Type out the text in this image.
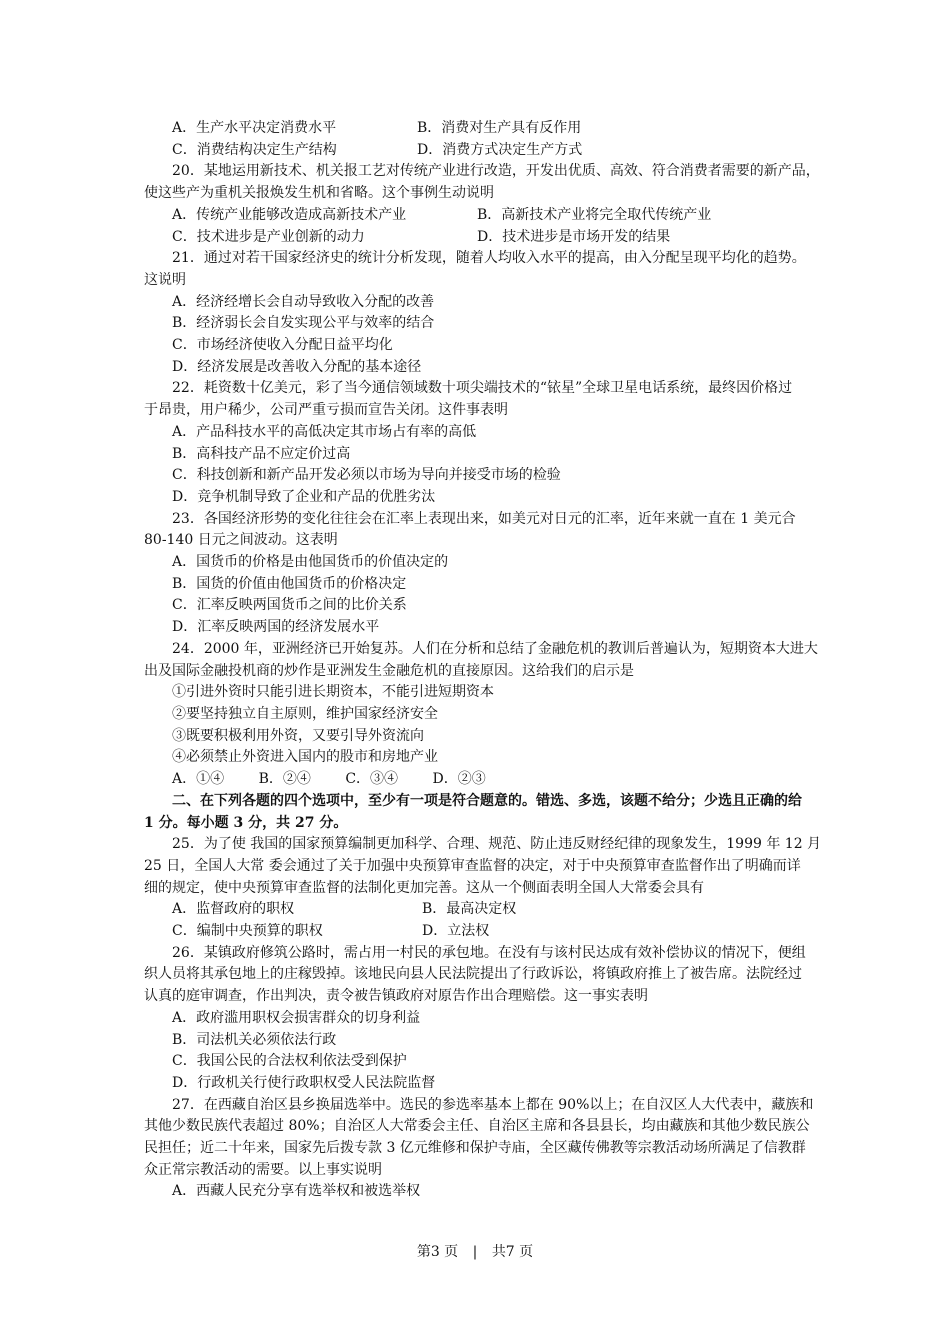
A．生产水平决定消费水平	B．消费对生产具有反作用
C．消费结构决定生产结构	D．消费方式决定生产方式
20．某地运用新技术、机关报工艺对传统产业进行改造，开发出优质、高效、符合消费者需要的新产品，
使这些产为重机关报焕发生机和省略。这个事例生动说明
A．传统产业能够改造成高新技术产业	B．高新技术产业将完全取代传统产业
C．技术进步是产业创新的动力	D．技术进步是市场开发的结果
21．通过对若干国家经济史的统计分析发现，随着人均收入水平的提高，由入分配呈现平均化的趋势。
这说明
A．经济经增长会自动导致收入分配的改善
B．经济弱长会自发实现公平与效率的结合
C．市场经济使收入分配日益平均化
D．经济发展是改善收入分配的基本途径
22．耗资数十亿美元，彩了当今通信领域数十项尖端技术的“铱星”全球卫星电话系统，最终因价格过
于昂贵，用户稀少，公司严重亏损而宣告关闭。这件事表明
A．产品科技水平的高低决定其市场占有率的高低
B．高科技产品不应定价过高
C．科技创新和新产品开发必须以市场为导向并接受市场的检验
D．竞争机制导致了企业和产品的优胜劣汰
23．各国经济形势的变化往往会在汇率上表现出来，如美元对日元的汇率，近年来就一直在 1 美元合
80-140 日元之间波动。这表明
A．国货币的价格是由他国货币的价值决定的
B．国货的价值由他国货币的价格决定
C．汇率反映两国货币之间的比价关系
D．汇率反映两国的经济发展水平
24．2000 年，亚洲经济已开始复苏。人们在分析和总结了金融危机的教训后普遍认为，短期资本大进大
出及国际金融投机商的炒作是亚洲发生金融危机的直接原因。这给我们的启示是
①引进外资时只能引进长期资本，不能引进短期资本
②要坚持独立自主原则，维护国家经济安全
③既要积极利用外资，又要引导外资流向
④必须禁止外资进入国内的股市和房地产业
A．①④ B．②④ C．③④ D．②③
二、在下列各题的四个选项中，至少有一项是符合题意的。错选、多选，该题不给分；少选且正确的给
1 分。每小题 3 分，共 27 分。
25．为了使 我国的国家预算编制更加科学、合理、规范、防止违反财经纪律的现象发生，1999 年 12 月
25 日，全国人大常 委会通过了关于加强中央预算审查监督的决定，对于中央预算审查监督作出了明确而详
细的规定，使中央预算审查监督的法制化更加完善。这从一个侧面表明全国人大常委会具有
A．监督政府的职权	B．最高决定权
C．编制中央预算的职权	D．立法权
26．某镇政府修筑公路时，需占用一村民的承包地。在没有与该村民达成有效补偿协议的情况下，便组
织人员将其承包地上的庄稼毁掉。该地民向县人民法院提出了行政诉讼，将镇政府推上了被告席。法院经过
认真的庭审调查，作出判决，责令被告镇政府对原告作出合理赔偿。这一事实表明
A．政府滥用职权会损害群众的切身利益
B．司法机关必须依法行政
C．我国公民的合法权利依法受到保护
D．行政机关行使行政职权受人民法院监督
27．在西藏自治区县乡换届选举中。选民的参选率基本上都在 90%以上；在自汉区人大代表中，藏族和
其他少数民族代表超过 80%；自治区人大常委会主任、自治区主席和各县县长，均由藏族和其他少数民族公
民担任；近二十年来，国家先后拨专款 3 亿元维修和保护寺庙，全区藏传佛教等宗教活动场所满足了信教群
众正常宗教活动的需要。以上事实说明
A．西藏人民充分享有选举权和被选举权
第3 页 | 共7 页
